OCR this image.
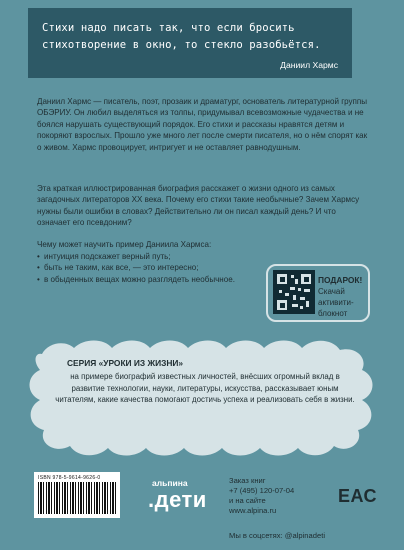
Стихи надо писать так, что если бросить
стихотворение в окно, то стекло разобьётся.
Даниил Хармс

Даниил Хармс — писатель, поэт, прозаик и драматург, основатель литературной группы ОБЭРИУ. Он любил выделяться из толпы, придумывал всевозможные чудачества и не боялся нарушать существующий порядок. Его стихи и рассказы нравятся детям и покоряют взрослых. Прошло уже много лет после смерти писателя, но о нём спорят как о живом. Хармс провоцирует, интригует и не оставляет равнодушным.

Эта краткая иллюстрированная биография расскажет о жизни одного из самых загадочных литераторов XX века. Почему его стихи такие необычные? Зачем Хармсу нужны были ошибки в словах? Действительно ли он писал каждый день? И что означает его псевдоним?

Чему может научить пример Даниила Хармса:
• интуиция подскажет верный путь;
• быть не таким, как все, — это интересно;
• в обыденных вещах можно разглядеть необычное.	ПОДАРОК!
Скачай активити-блокнот
СЕРИЯ «УРОКИ ИЗ ЖИЗНИ»
на примере биографий известных личностей, внёсших огромный вклад в развитие технологии, науки, литературы, искусства, рассказывает юным читателям, какие качества помогают достичь успеха и реализовать себя в жизни.
ISBN 978-5-9614-9626-0	альпина
.дети
Заказ книг
+7 (495) 120-07-04
и на сайте
www.alpina.ru
ЕАС
Мы в соцсетях: @alpinadeti
